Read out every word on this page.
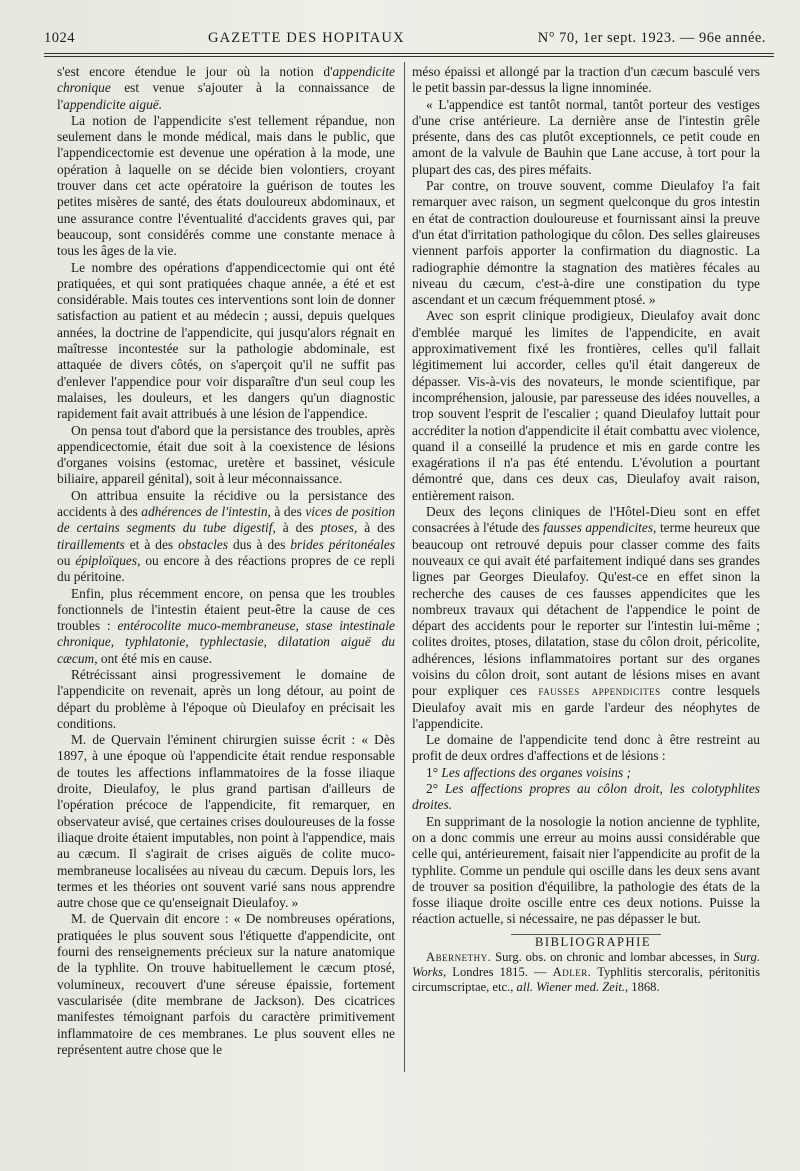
1024	GAZETTE DES HOPITAUX	N° 70, 1er sept. 1923. — 96e année.

s'est encore étendue le jour où la notion d'appendicite chronique est venue s'ajouter à la connaissance de l'appendicite aiguë.

La notion de l'appendicite s'est tellement répandue, non seulement dans le monde médical, mais dans le public, que l'appendicectomie est devenue une opération à la mode, une opération à laquelle on se décide bien volontiers, croyant trouver dans cet acte opératoire la guérison de toutes les petites misères de santé, des états douloureux abdominaux, et une assurance contre l'éventualité d'accidents graves qui, par beaucoup, sont considérés comme une constante menace à tous les âges de la vie.

Le nombre des opérations d'appendicectomie qui ont été pratiquées, et qui sont pratiquées chaque année, a été et est considérable. Mais toutes ces interventions sont loin de donner satisfaction au patient et au médecin ; aussi, depuis quelques années, la doctrine de l'appendicite, qui jusqu'alors régnait en maîtresse incontestée sur la pathologie abdominale, est attaquée de divers côtés, on s'aperçoit qu'il ne suffit pas d'enlever l'appendice pour voir disparaître d'un seul coup les malaises, les douleurs, et les dangers qu'un diagnostic rapidement fait avait attribués à une lésion de l'appendice.

On pensa tout d'abord que la persistance des troubles, après appendicectomie, était due soit à la coexistence de lésions d'organes voisins (estomac, uretère et bassinet, vésicule biliaire, appareil génital), soit à leur méconnaissance.

On attribua ensuite la récidive ou la persistance des accidents à des adhérences de l'intestin, à des vices de position de certains segments du tube digestif, à des ptoses, à des tiraillements et à des obstacles dus à des brides péritonéales ou épiploïques, ou encore à des réactions propres de ce repli du péritoine.

Enfin, plus récemment encore, on pensa que les troubles fonctionnels de l'intestin étaient peut-être la cause de ces troubles : entérocolite muco-membraneuse, stase intestinale chronique, typhlatonie, typhlectasie, dilatation aiguë du cæcum, ont été mis en cause.

Rétrécissant ainsi progressivement le domaine de l'appendicite on revenait, après un long détour, au point de départ du problème à l'époque où Dieulafoy en précisait les conditions.

M. de Quervain l'éminent chirurgien suisse écrit : « Dès 1897, à une époque où l'appendicite était rendue responsable de toutes les affections inflammatoires de la fosse iliaque droite, Dieulafoy, le plus grand partisan d'ailleurs de l'opération précoce de l'appendicite, fit remarquer, en observateur avisé, que certaines crises douloureuses de la fosse iliaque droite étaient imputables, non point à l'appendice, mais au cæcum. Il s'agirait de crises aiguës de colite muco-membraneuse localisées au niveau du cæcum. Depuis lors, les termes et les théories ont souvent varié sans nous apprendre autre chose que ce qu'enseignait Dieulafoy. »

M. de Quervain dit encore : « De nombreuses opérations, pratiquées le plus souvent sous l'étiquette d'appendicite, ont fourni des renseignements précieux sur la nature anatomique de la typhlite. On trouve habituellement le cæcum ptosé, volumineux, recouvert d'une séreuse épaissie, fortement vascularisée (dite membrane de Jackson). Des cicatrices manifestes témoignant parfois du caractère primitivement inflammatoire de ces membranes. Le plus souvent elles ne représentent autre chose que le

méso épaissi et allongé par la traction d'un cæcum basculé vers le petit bassin par-dessus la ligne innominée.

« L'appendice est tantôt normal, tantôt porteur des vestiges d'une crise antérieure. La dernière anse de l'intestin grêle présente, dans des cas plutôt exceptionnels, ce petit coude en amont de la valvule de Bauhin que Lane accuse, à tort pour la plupart des cas, des pires méfaits.

Par contre, on trouve souvent, comme Dieulafoy l'a fait remarquer avec raison, un segment quelconque du gros intestin en état de contraction douloureuse et fournissant ainsi la preuve d'un état d'irritation pathologique du côlon. Des selles glaireuses viennent parfois apporter la confirmation du diagnostic. La radiographie démontre la stagnation des matières fécales au niveau du cæcum, c'est-à-dire une constipation du type ascendant et un cæcum fréquemment ptosé. »

Avec son esprit clinique prodigieux, Dieulafoy avait donc d'emblée marqué les limites de l'appendicite, en avait approximativement fixé les frontières, celles qu'il fallait légitimement lui accorder, celles qu'il était dangereux de dépasser. Vis-à-vis des novateurs, le monde scientifique, par incompréhension, jalousie, par paresseuse des idées nouvelles, a trop souvent l'esprit de l'escalier ; quand Dieulafoy luttait pour accréditer la notion d'appendicite il était combattu avec violence, quand il a conseillé la prudence et mis en garde contre les exagérations il n'a pas été entendu. L'évolution a pourtant démontré que, dans ces deux cas, Dieulafoy avait raison, entièrement raison.

Deux des leçons cliniques de l'Hôtel-Dieu sont en effet consacrées à l'étude des fausses appendicites, terme heureux que beaucoup ont retrouvé depuis pour classer comme des faits nouveaux ce qui avait été parfaitement indiqué dans ses grandes lignes par Georges Dieulafoy. Qu'est-ce en effet sinon la recherche des causes de ces fausses appendicites que les nombreux travaux qui détachent de l'appendice le point de départ des accidents pour le reporter sur l'intestin lui-même ; colites droites, ptoses, dilatation, stase du côlon droit, péricolite, adhérences, lésions inflammatoires portant sur des organes voisins du côlon droit, sont autant de lésions mises en avant pour expliquer ces fausses appendicites contre lesquels Dieulafoy avait mis en garde l'ardeur des néophytes de l'appendicite.

Le domaine de l'appendicite tend donc à être restreint au profit de deux ordres d'affections et de lésions :

1° Les affections des organes voisins ;

2° Les affections propres au côlon droit, les colotyphlites droites.

En supprimant de la nosologie la notion ancienne de typhlite, on a donc commis une erreur au moins aussi considérable que celle qui, antérieurement, faisait nier l'appendicite au profit de la typhlite. Comme un pendule qui oscille dans les deux sens avant de trouver sa position d'équilibre, la pathologie des états de la fosse iliaque droite oscille entre ces deux notions. Puisse la réaction actuelle, si nécessaire, ne pas dépasser le but.

BIBLIOGRAPHIE

Abernethy. Surg. obs. on chronic and lombar abcesses, in Surg. Works, Londres 1815. — Adler. Typhlitis stercoralis, péritonitis circumscriptae, etc., all. Wiener med. Zeit., 1868.
